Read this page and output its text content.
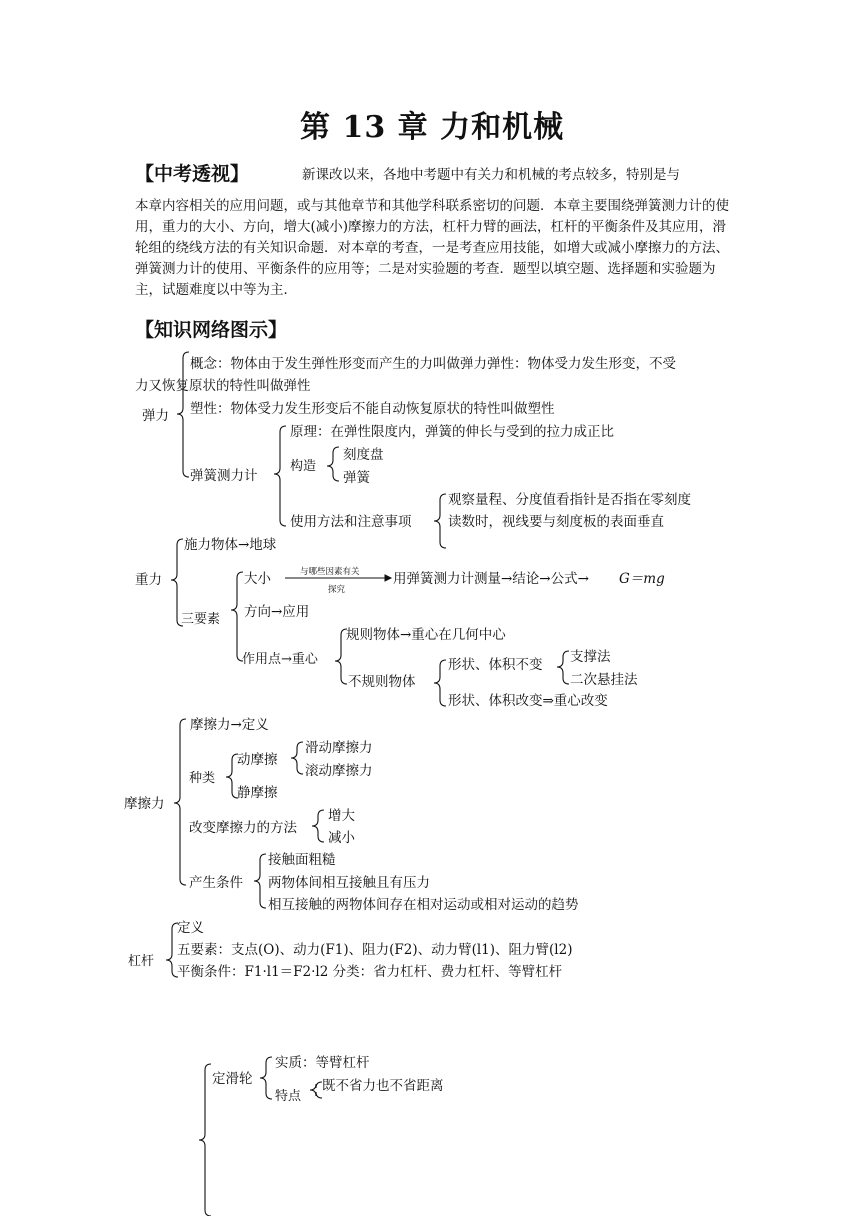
第 13 章 力和机械
【中考透视】	新课改以来，各地中考题中有关力和机械的考点较多，特别是与
本章内容相关的应用问题，或与其他章节和其他学科联系密切的问题．本章主要围绕弹簧测力计的使用，重力的大小、方向，增大(减小)摩擦力的方法，杠杆力臂的画法，杠杆的平衡条件及其应用，滑轮组的绕线方法的有关知识命题．对本章的考查，一是考查应用技能，如增大或减小摩擦力的方法、弹簧测力计的使用、平衡条件的应用等；二是对实验题的考查．题型以填空题、选择题和实验题为主，试题难度以中等为主．
【知识网络图示】
弹力
概念：物体由于发生弹性形变而产生的力叫做弹力弹性：物体受力发生形变，不受
力又恢复原状的特性叫做弹性
塑性：物体受力发生形变后不能自动恢复原状的特性叫做塑性
弹簧测力计
原理：在弹性限度内，弹簧的伸长与受到的拉力成正比
构造
刻度盘
弹簧
使用方法和注意事项
观察量程、分度值看指针是否指在零刻度
读数时，视线要与刻度板的表面垂直
重力
施力物体→地球
三要素
大小	与哪些因素有关
探究
用弹簧测力计测量→结论→公式→ G＝mg
方向→应用
作用点→重心
规则物体→重心在几何中心
不规则物体
形状、体积不变 支撑法
二次悬挂法
形状、体积改变⇒重心改变
摩擦力
摩擦力→定义
种类
动摩擦
滑动摩擦力
滚动摩擦力
静摩擦
改变摩擦力的方法
增大
减小
产生条件
接触面粗糙
两物体间相互接触且有压力
相互接触的两物体间存在相对运动或相对运动的趋势
杠杆
定义
五要素：支点(O)、动力(F1)、阻力(F2)、动力臂(l1)、阻力臂(l2)
平衡条件：F1·l1＝F2·l2 分类：省力杠杆、费力杠杆、等臂杠杆
定滑轮
实质：等臂杠杆
特点
既不省力也不省距离
